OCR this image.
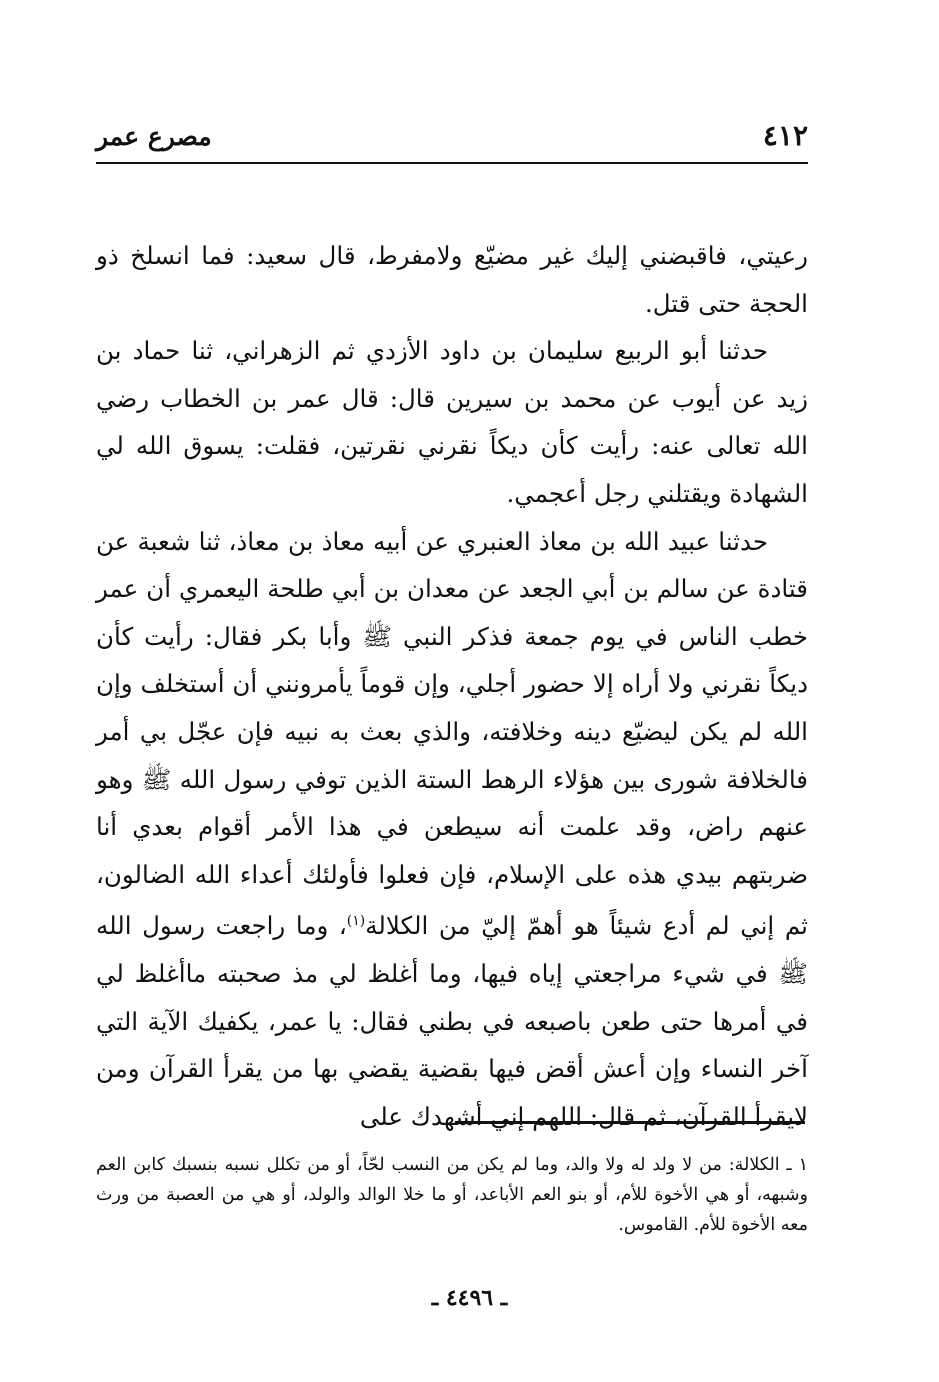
٤١٢
مصرع عمر

رعيتي، فاقبضني إليك غير مضيّع ولامفرط، قال سعيد: فما انسلخ ذو الحجة حتى قتل.

حدثنا أبو الربيع سليمان بن داود الأزدي ثم الزهراني، ثنا حماد بن زيد عن أيوب عن محمد بن سيرين قال: قال عمر بن الخطاب رضي الله تعالى عنه: رأيت كأن ديكاً نقرني نقرتين، فقلت: يسوق الله لي الشهادة ويقتلني رجل أعجمي.

حدثنا عبيد الله بن معاذ العنبري عن أبيه معاذ بن معاذ، ثنا شعبة عن قتادة عن سالم بن أبي الجعد عن معدان بن أبي طلحة اليعمري أن عمر خطب الناس في يوم جمعة فذكر النبي ﷺ وأبا بكر فقال: رأيت كأن ديكاً نقرني ولا أراه إلا حضور أجلي، وإن قوماً يأمرونني أن أستخلف وإن الله لم يكن ليضيّع دينه وخلافته، والذي بعث به نبيه فإن عجّل بي أمر فالخلافة شورى بين هؤلاء الرهط الستة الذين توفي رسول الله ﷺ وهو عنهم راض، وقد علمت أنه سيطعن في هذا الأمر أقوام بعدي أنا ضربتهم بيدي هذه على الإسلام، فإن فعلوا فأولئك أعداء الله الضالون، ثم إني لم أدع شيئاً هو أهمّ إليّ من الكلالة$^{(١)}$، وما راجعت رسول الله ﷺ في شيء مراجعتي إياه فيها، وما أغلظ لي مذ صحبته ماأغلظ لي في أمرها حتى طعن باصبعه في بطني فقال: يا عمر، يكفيك الآية التي آخر النساء وإن أعش أقض فيها بقضية يقضي بها من يقرأ القرآن ومن لايقرأ القرآن، ثم قال: اللهم إني أشهدك على

١ ـ الكلالة: من لا ولد له ولا والد، وما لم يكن من النسب لحّاً، أو من تكلل نسبه بنسبك كابن العم وشبهه، أو هي الأخوة للأم، أو بنو العم الأباعد، أو ما خلا الوالد والولد، أو هي من العصبة من ورث معه الأخوة للأم. القاموس.

ـ ٤٤٩٦ ـ
